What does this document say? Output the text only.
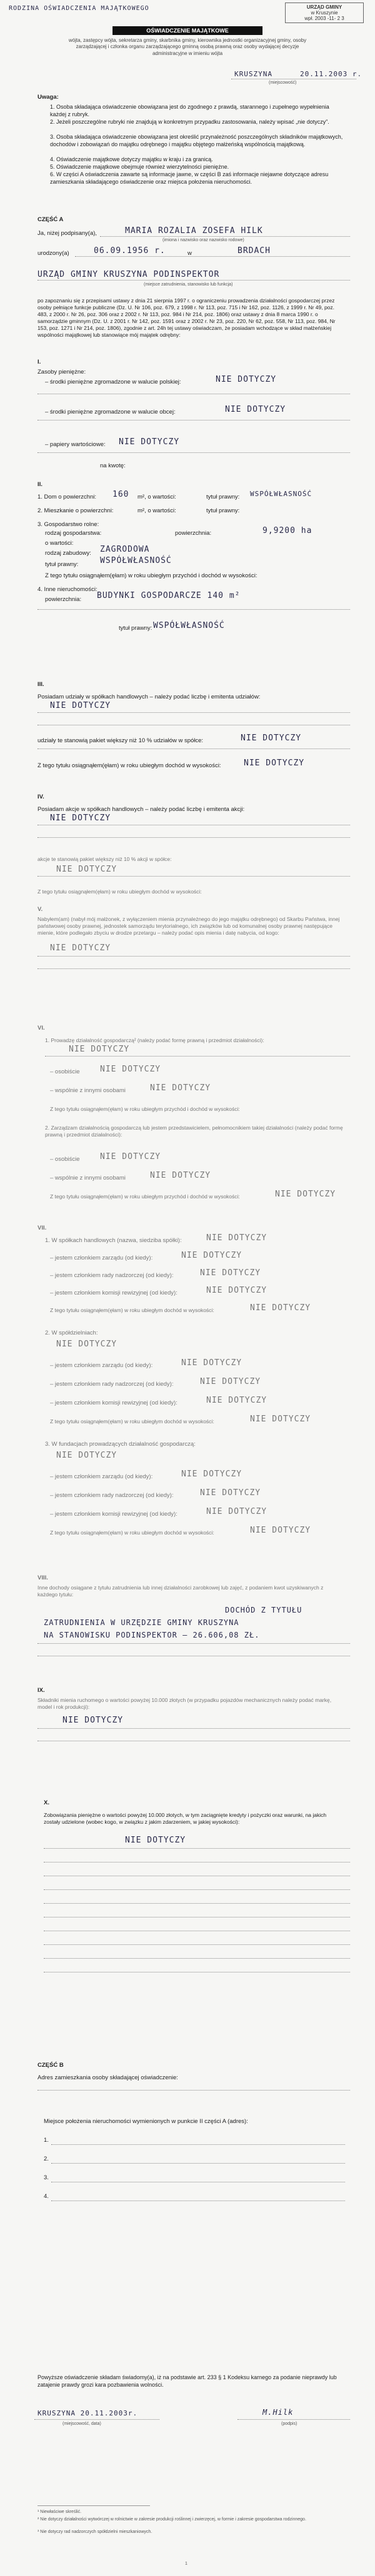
RODZINA OŚWIADCZENIA MAJĄTKOWEGO	URZĄD GMINY
w Kruszynie
wpł. 2003 -11- 2 3
OŚWIADCZENIE MAJĄTKOWE
wójta, zastępcy wójta, sekretarza gminy, skarbnika gminy, kierownika jednostki organizacyjnej gminy, osoby zarządzającej i członka organu zarządzającego gminną osobą prawną oraz osoby wydającej decyzje administracyjne w imieniu wójta
KRUSZYNA	20.11.2003 r.
(miejscowość)
Uwaga:
1. Osoba składająca oświadczenie obowiązana jest do zgodnego z prawdą, starannego i zupełnego wypełnienia każdej z rubryk.
2. Jeżeli poszczególne rubryki nie znajdują w konkretnym przypadku zastosowania, należy wpisać „nie dotyczy”.
3. Osoba składająca oświadczenie obowiązana jest określić przynależność poszczególnych składników majątkowych, dochodów i zobowiązań do majątku odrębnego i majątku objętego małżeńską wspólnością majątkową.
4. Oświadczenie majątkowe dotyczy majątku w kraju i za granicą.
5. Oświadczenie majątkowe obejmuje również wierzytelności pieniężne.
6. W części A oświadczenia zawarte są informacje jawne, w części B zaś informacje niejawne dotyczące adresu zamieszkania składającego oświadczenie oraz miejsca położenia nieruchomości.
CZĘŚĆ A
Ja, niżej podpisany(a),	MARIA ROZALIA ZOSEFA HILK
(imiona i nazwisko oraz nazwisko rodowe)
urodzony(a)	06.09.1956 r.	w	BRDACH
URZĄD GMINY KRUSZYNA PODINSPEKTOR
(miejsce zatrudnienia, stanowisko lub funkcja)
po zapoznaniu się z przepisami ustawy z dnia 21 sierpnia 1997 r. o ograniczeniu prowadzenia działalności gospodarczej przez osoby pełniące funkcje publiczne (Dz. U. Nr 106, poz. 679, z 1998 r. Nr 113, poz. 715 i Nr 162, poz. 1126, z 1999 r. Nr 49, poz. 483, z 2000 r. Nr 26, poz. 306 oraz z 2002 r. Nr 113, poz. 984 i Nr 214, poz. 1806) oraz ustawy z dnia 8 marca 1990 r. o samorządzie gminnym (Dz. U. z 2001 r. Nr 142, poz. 1591 oraz z 2002 r. Nr 23, poz. 220, Nr 62, poz. 558, Nr 113, poz. 984, Nr 153, poz. 1271 i Nr 214, poz. 1806), zgodnie z art. 24h tej ustawy oświadczam, że posiadam wchodzące w skład małżeńskiej wspólności majątkowej lub stanowiące mój majątek odrębny:
I.
Zasoby pieniężne:
– środki pieniężne zgromadzone w walucie polskiej:	NIE DOTYCZY
– środki pieniężne zgromadzone w walucie obcej:	NIE DOTYCZY
– papiery wartościowe: NIE DOTYCZY
na kwotę:
II.
1. Dom o powierzchni: 160 m², o wartości:	tytuł prawny: WSPÓŁWŁASNOŚĆ
2. Mieszkanie o powierzchni:	m², o wartości:	tytuł prawny:
3. Gospodarstwo rolne:
rodzaj gospodarstwa:	powierzchnia:	9,9200 ha
o wartości:
rodzaj zabudowy: ZAGRODOWA
tytuł prawny:	WSPÓŁWŁASNOŚĆ
Z tego tytułu osiągnąłem(ęłam) w roku ubiegłym przychód i dochód w wysokości:
4. Inne nieruchomości:
powierzchnia: BUDYNKI GOSPODARCZE 140 m²
tytuł prawny: WSPÓŁWŁASNOŚĆ
III.
Posiadam udziały w spółkach handlowych – należy podać liczbę i emitenta udziałów:
NIE DOTYCZY
udziały te stanowią pakiet większy niż 10 % udziałów w spółce:	NIE DOTYCZY
Z tego tytułu osiągnąłem(ęłam) w roku ubiegłym dochód w wysokości:	NIE DOTYCZY
IV.
Posiadam akcje w spółkach handlowych – należy podać liczbę i emitenta akcji:
NIE DOTYCZY
akcje te stanowią pakiet większy niż 10 % akcji w spółce:
NIE DOTYCZY
Z tego tytułu osiągnąłem(ęłam) w roku ubiegłym dochód w wysokości:
V.
Nabyłem(am) (nabył mój małżonek, z wyłączeniem mienia przynależnego do jego majątku odrębnego) od Skarbu Państwa, innej państwowej osoby prawnej, jednostek samorządu terytorialnego, ich związków lub od komunalnej osoby prawnej następujące mienie, które podlegało zbyciu w drodze przetargu – należy podać opis mienia i datę nabycia, od kogo:
NIE DOTYCZY
VI.
1. Prowadzę działalność gospodarczą² (należy podać formę prawną i przedmiot działalności):
NIE DOTYCZY
– osobiście NIE DOTYCZY
– wspólnie z innymi osobami	NIE DOTYCZY
Z tego tytułu osiągnąłem(ęłam) w roku ubiegłym przychód i dochód w wysokości:
2. Zarządzam działalnością gospodarczą lub jestem przedstawicielem, pełnomocnikiem takiej działalności (należy podać formę prawną i przedmiot działalności):
– osobiście NIE DOTYCZY
– wspólnie z innymi osobami	NIE DOTYCZY
Z tego tytułu osiągnąłem(ęłam) w roku ubiegłym przychód i dochód w wysokości:	NIE DOTYCZY
VII.
1. W spółkach handlowych (nazwa, siedziba spółki):	NIE DOTYCZY
– jestem członkiem zarządu (od kiedy):	NIE DOTYCZY
– jestem członkiem rady nadzorczej (od kiedy):	NIE DOTYCZY
– jestem członkiem komisji rewizyjnej (od kiedy):	NIE DOTYCZY
Z tego tytułu osiągnąłem(ęłam) w roku ubiegłym dochód w wysokości:	NIE DOTYCZY
2. W spółdzielniach:
NIE DOTYCZY
– jestem członkiem zarządu (od kiedy):	NIE DOTYCZY
– jestem członkiem rady nadzorczej (od kiedy):	NIE DOTYCZY
– jestem członkiem komisji rewizyjnej (od kiedy):	NIE DOTYCZY
Z tego tytułu osiągnąłem(ęłam) w roku ubiegłym dochód w wysokości:	NIE DOTYCZY
3. W fundacjach prowadzących działalność gospodarczą:
NIE DOTYCZY
– jestem członkiem zarządu (od kiedy):	NIE DOTYCZY
– jestem członkiem rady nadzorczej (od kiedy):	NIE DOTYCZY
– jestem członkiem komisji rewizyjnej (od kiedy):	NIE DOTYCZY
Z tego tytułu osiągnąłem(ęłam) w roku ubiegłym dochód w wysokości:	NIE DOTYCZY
VIII.
Inne dochody osiągane z tytułu zatrudnienia lub innej działalności zarobkowej lub zajęć, z podaniem kwot uzyskiwanych z każdego tytułu:
DOCHÓD Z TYTUŁU
ZATRUDNIENIA W URZĘDZIE GMINY KRUSZYNA
NA STANOWISKU PODINSPEKTOR – 26.606,08 ZŁ.
IX.
Składniki mienia ruchomego o wartości powyżej 10.000 złotych (w przypadku pojazdów mechanicznych należy podać markę, model i rok produkcji):
NIE DOTYCZY
X.
Zobowiązania pieniężne o wartości powyżej 10.000 złotych, w tym zaciągnięte kredyty i pożyczki oraz warunki, na jakich zostały udzielone (wobec kogo, w związku z jakim zdarzeniem, w jakiej wysokości):
NIE DOTYCZY
CZĘŚĆ B
Adres zamieszkania osoby składającej oświadczenie:
Miejsce położenia nieruchomości wymienionych w punkcie II części A (adres):
1.
2.
3.
4.
Powyższe oświadczenie składam świadomy(a), iż na podstawie art. 233 § 1 Kodeksu karnego za podanie nieprawdy lub zatajenie prawdy grozi kara pozbawienia wolności.
KRUSZYNA 20.11.2003r.
(miejscowość, data)
M.Hilk
(podpis)
¹ Niewłaściwe skreślić.
² Nie dotyczy działalności wytwórczej w rolnictwie w zakresie produkcji roślinnej i zwierzęcej, w formie i zakresie gospodarstwa rodzinnego.
³ Nie dotyczy rad nadzorczych spółdzielni mieszkaniowych.
1
